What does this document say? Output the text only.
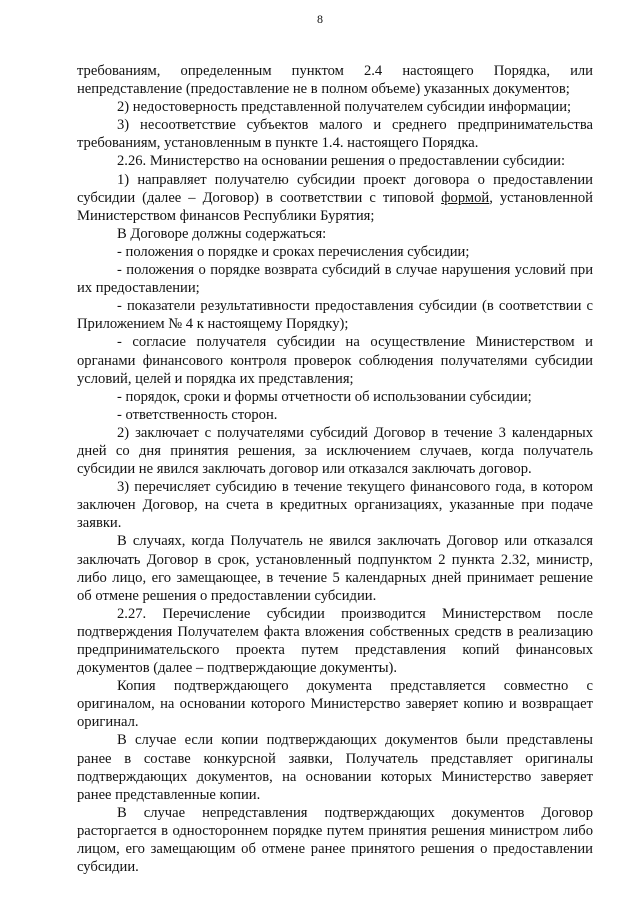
8

требованиям, определенным пунктом 2.4 настоящего Порядка, или непредставление (предоставление не в полном объеме) указанных документов;

2) недостоверность представленной получателем субсидии информации;

3) несоответствие субъектов малого и среднего предпринимательства требованиям, установленным в пункте 1.4. настоящего Порядка.

2.26. Министерство на основании решения о предоставлении субсидии:

1) направляет получателю субсидии проект договора о предоставлении субсидии (далее – Договор) в соответствии с типовой формой, установленной Министерством финансов Республики Бурятия;

В Договоре должны содержаться:

- положения о порядке и сроках перечисления субсидии;

- положения о порядке возврата субсидий в случае нарушения условий при их предоставлении;

- показатели результативности предоставления субсидии (в соответствии с Приложением № 4 к настоящему Порядку);

- согласие получателя субсидии на осуществление Министерством и органами финансового контроля проверок соблюдения получателями субсидии условий, целей и порядка их представления;

- порядок, сроки и формы отчетности об использовании субсидии;

- ответственность сторон.

2) заключает с получателями субсидий Договор в течение 3 календарных дней со дня принятия решения, за исключением случаев, когда получатель субсидии не явился заключать договор или отказался заключать договор.

3) перечисляет субсидию в течение текущего финансового года, в котором заключен Договор, на счета в кредитных организациях, указанные при подаче заявки.

В случаях, когда Получатель не явился заключать Договор или отказался заключать Договор в срок, установленный подпунктом 2 пункта 2.32, министр, либо лицо, его замещающее, в течение 5 календарных дней принимает решение об отмене решения о предоставлении субсидии.

2.27. Перечисление субсидии производится Министерством после подтверждения Получателем факта вложения собственных средств в реализацию предпринимательского проекта путем представления копий финансовых документов (далее – подтверждающие документы).

Копия подтверждающего документа представляется совместно с оригиналом, на основании которого Министерство заверяет копию и возвращает оригинал.

В случае если копии подтверждающих документов были представлены ранее в составе конкурсной заявки, Получатель представляет оригиналы подтверждающих документов, на основании которых Министерство заверяет ранее представленные копии.

В случае непредставления подтверждающих документов Договор расторгается в одностороннем порядке путем принятия решения министром либо лицом, его замещающим об отмене ранее принятого решения о предоставлении субсидии.
